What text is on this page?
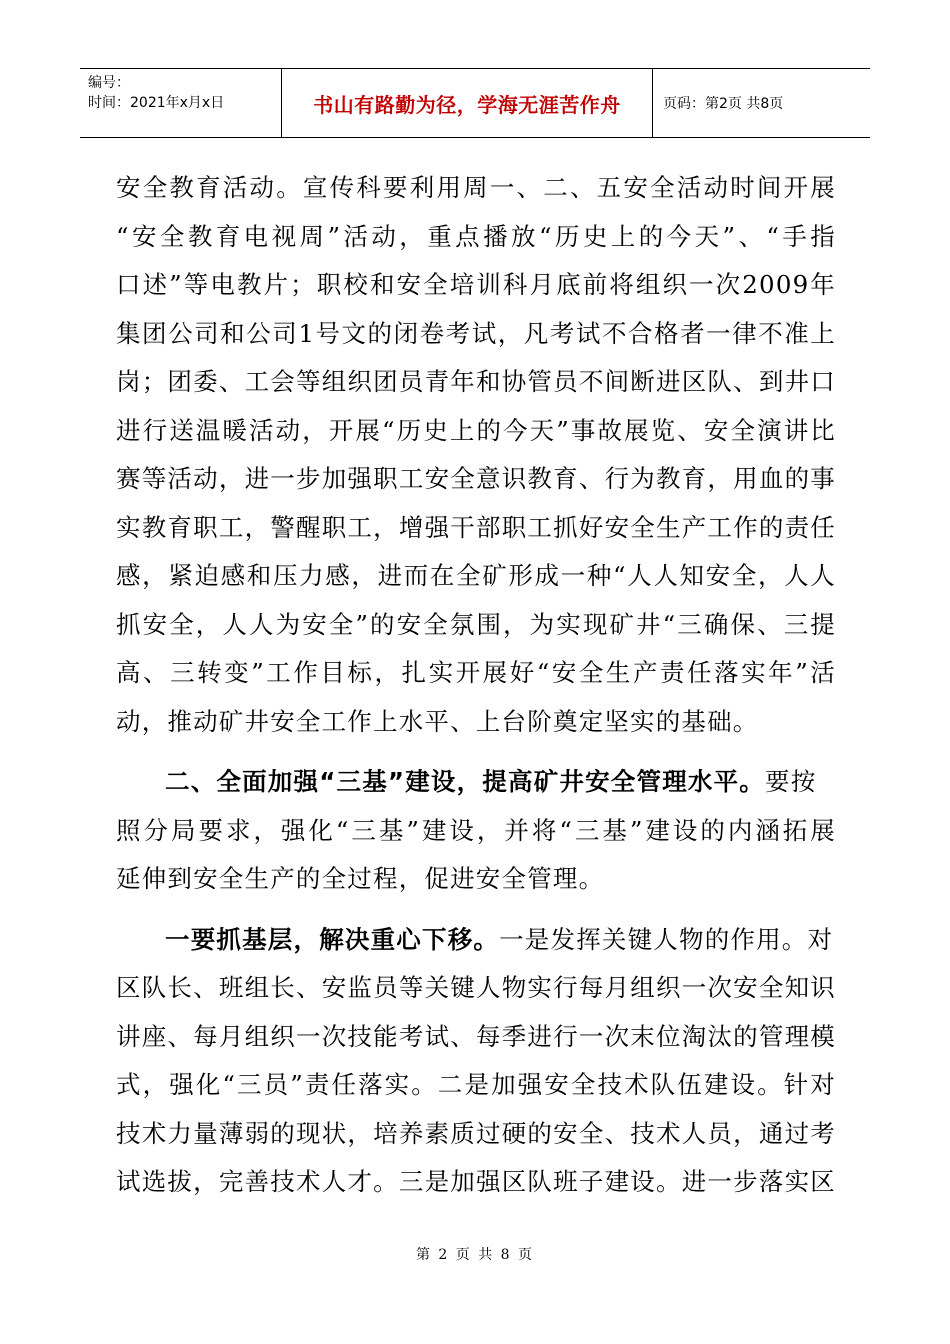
编号：
时间：2021年x月x日	书山有路勤为径，学海无涯苦作舟	页码：第2页 共8页
安全教育活动。宣传科要利用周一、二、五安全活动时间开展
“安全教育电视周”活动，重点播放“历史上的今天”、“手指
口述”等电教片；职校和安全培训科月底前将组织一次2009年
集团公司和公司1号文的闭卷考试，凡考试不合格者一律不准上
岗；团委、工会等组织团员青年和协管员不间断进区队、到井口
进行送温暖活动，开展“历史上的今天”事故展览、安全演讲比
赛等活动，进一步加强职工安全意识教育、行为教育，用血的事
实教育职工，警醒职工，增强干部职工抓好安全生产工作的责任
感，紧迫感和压力感，进而在全矿形成一种“人人知安全，人人
抓安全，人人为安全”的安全氛围，为实现矿井“三确保、三提
高、三转变”工作目标，扎实开展好“安全生产责任落实年”活
动，推动矿井安全工作上水平、上台阶奠定坚实的基础。
二、全面加强“三基”建设，提高矿井安全管理水平。要按
照分局要求，强化“三基”建设，并将“三基”建设的内涵拓展
延伸到安全生产的全过程，促进安全管理。
一要抓基层，解决重心下移。一是发挥关键人物的作用。对
区队长、班组长、安监员等关键人物实行每月组织一次安全知识
讲座、每月组织一次技能考试、每季进行一次末位淘汰的管理模
式，强化“三员”责任落实。二是加强安全技术队伍建设。针对
技术力量薄弱的现状，培养素质过硬的安全、技术人员，通过考
试选拔，完善技术人才。三是加强区队班子建设。进一步落实区
第 2 页 共 8 页
